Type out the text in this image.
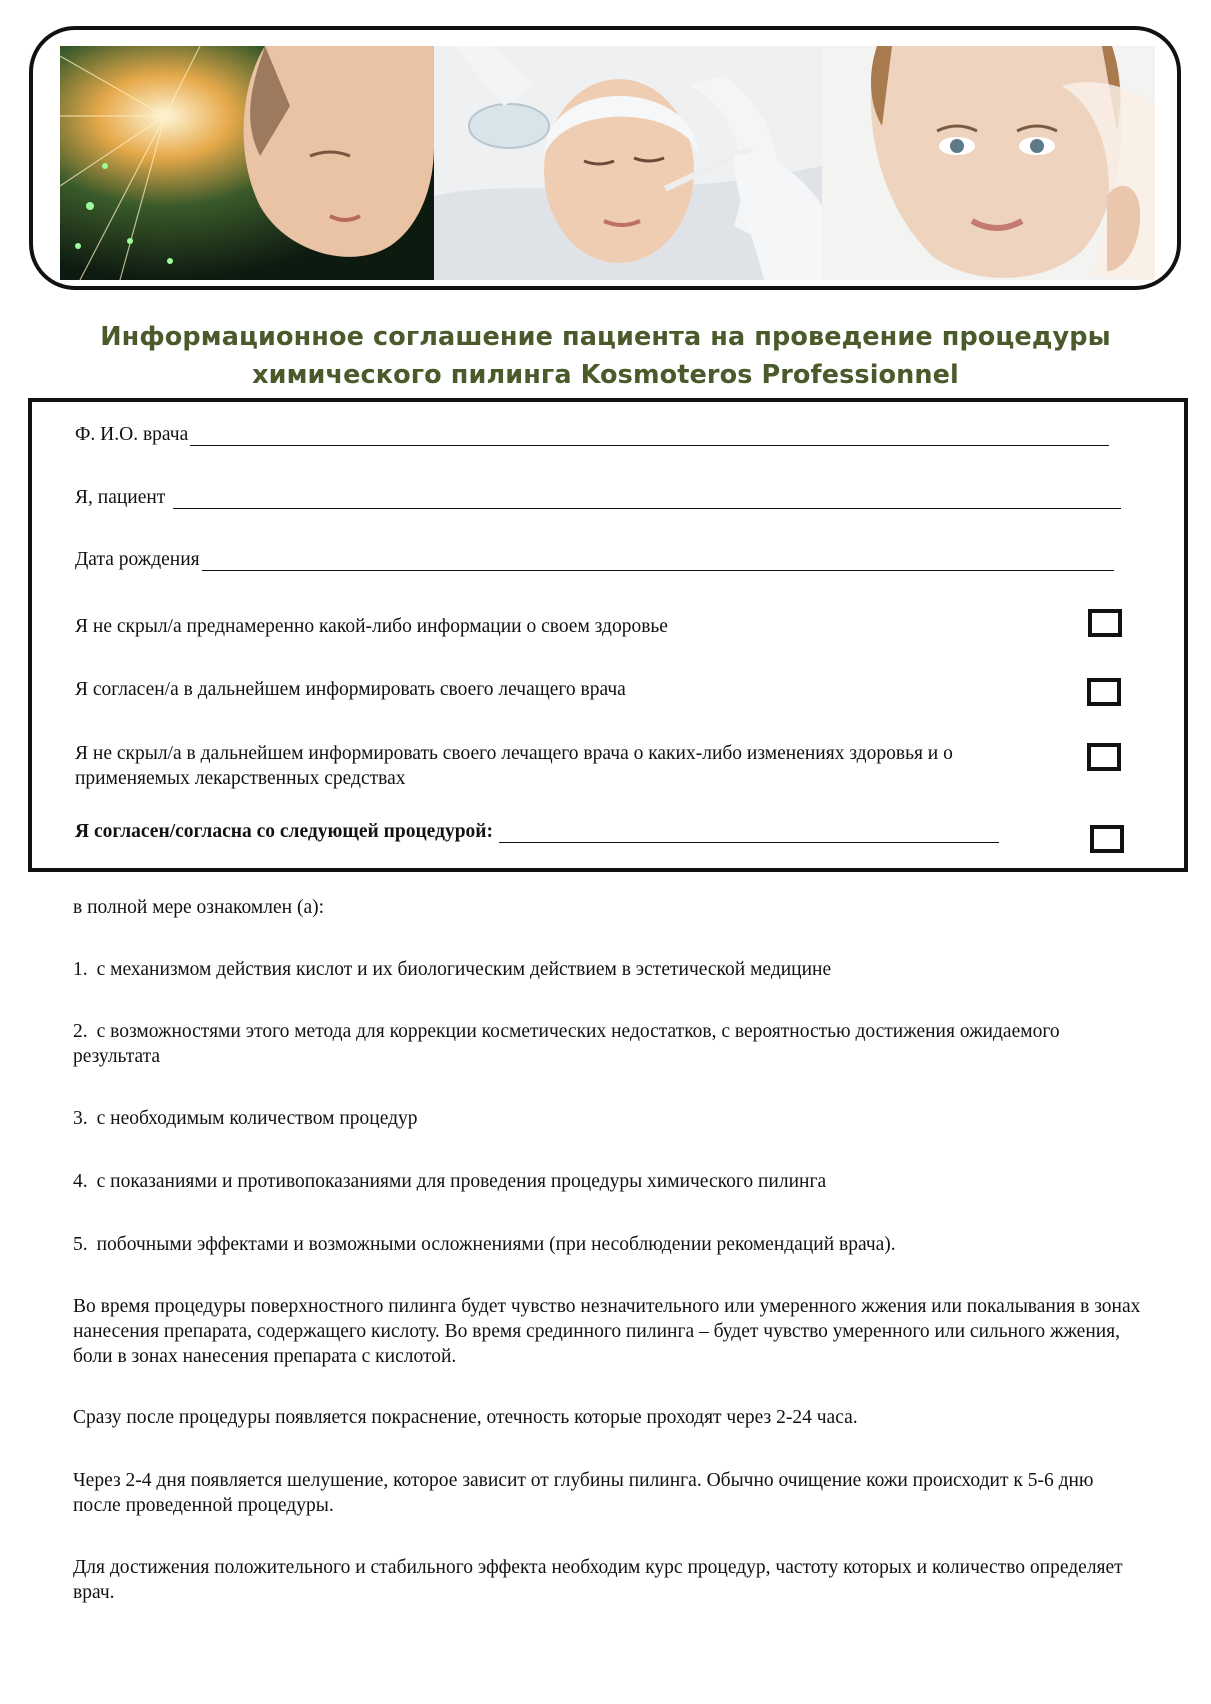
Информационное соглашение пациента на проведение процедуры
химического пилинга Kosmoteros Professionnel
Ф. И.О. врача
Я, пациент
Дата рождения
Я не скрыл/а преднамеренно какой-либо информации о своем здоровье
Я согласен/а в дальнейшем информировать своего лечащего врача
Я не скрыл/а в дальнейшем информировать своего лечащего врача о каких-либо изменениях здоровья и о применяемых лекарственных средствах
Я согласен/согласна со следующей процедурой:
в полной мере ознакомлен (а):
1. с механизмом действия кислот и их биологическим действием в эстетической медицине
2. с возможностями этого метода для коррекции косметических недостатков, с вероятностью достижения ожидаемого результата
3. с необходимым количеством процедур
4. с показаниями и противопоказаниями для проведения процедуры химического пилинга
5. побочными эффектами и возможными осложнениями (при несоблюдении рекомендаций врача).
Во время процедуры поверхностного пилинга будет чувство незначительного или умеренного жжения или покалывания в зонах нанесения препарата, содержащего кислоту. Во время срединного пилинга – будет чувство умеренного или сильного жжения, боли в зонах нанесения препарата с кислотой.
Сразу после процедуры появляется покраснение, отечность которые проходят через 2-24 часа.
Через 2-4 дня появляется шелушение, которое зависит от глубины пилинга. Обычно очищение кожи происходит к 5-6 дню после проведенной процедуры.
Для достижения положительного и стабильного эффекта необходим курс процедур, частоту которых и количество определяет врач.
